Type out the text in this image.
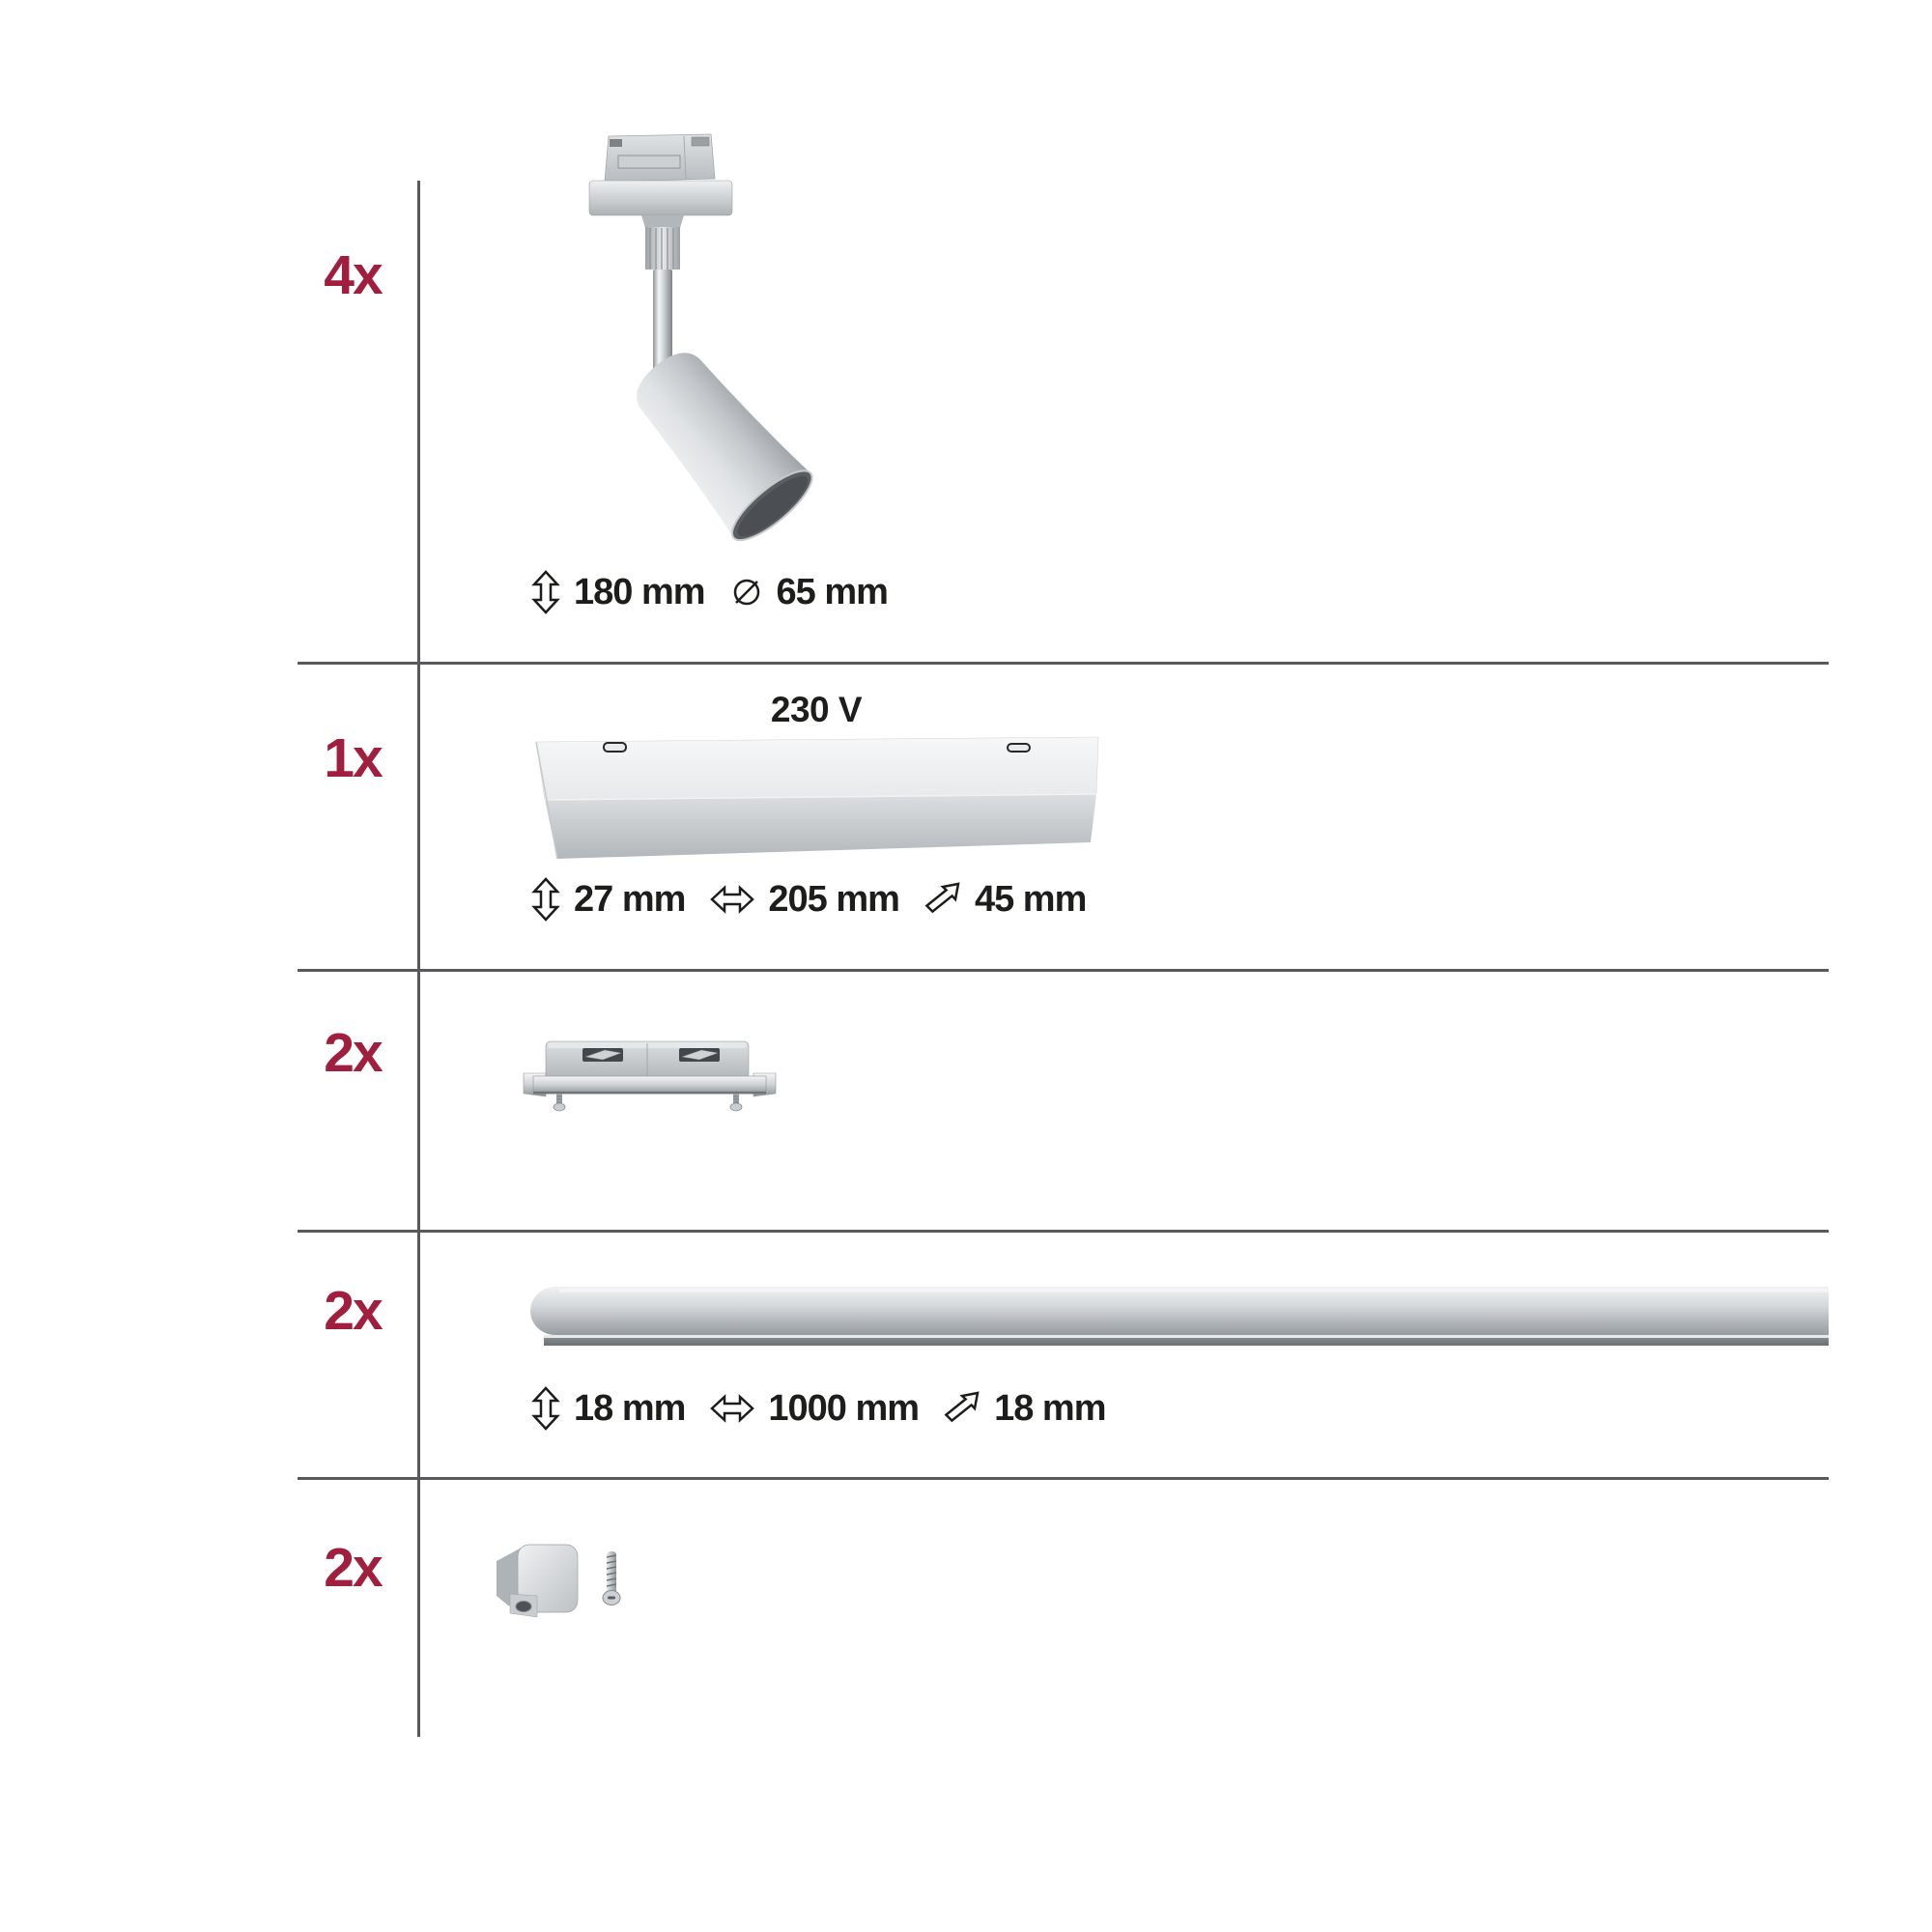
4x
1x
2x
2x
2x
180 mm 65 mm
230 V
27 mm 205 mm 45 mm
18 mm 1000 mm 18 mm
